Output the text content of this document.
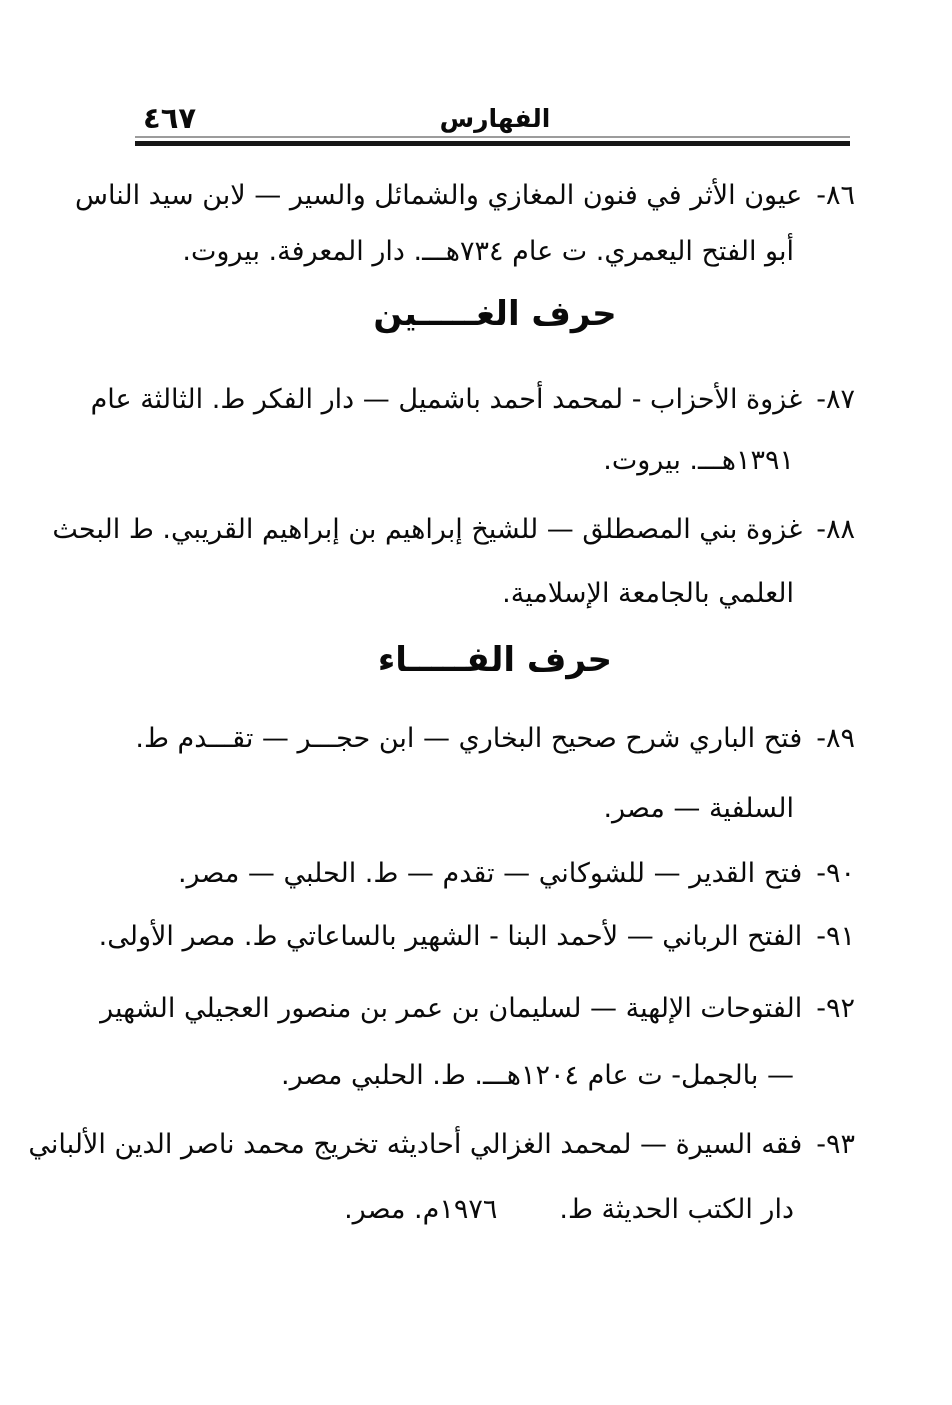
٤٦٧	الفهارس
٨٦-عيون الأثر في فنون المغازي والشمائل والسير — لابن سيد الناس
أبو الفتح اليعمري. ت عام ٧٣٤هـــ. دار المعرفة. بيروت.
حرف الغـــــين
٨٧-غزوة الأحزاب - لمحمد أحمد باشميل — دار الفكر ط. الثالثة عام
١٣٩١هـــ. بيروت.
٨٨-غزوة بني المصطلق — للشيخ إبراهيم بن إبراهيم القريبي. ط البحث
العلمي بالجامعة الإسلامية.
حرف الفـــــاء
٨٩-فتح الباري شرح صحيح البخاري — ابن حجـــر — تقـــدم ط.
السلفية — مصر.
٩٠-فتح القدير — للشوكاني — تقدم — ط. الحلبي — مصر.
٩١-الفتح الرباني — لأحمد البنا - الشهير بالساعاتي ط. مصر الأولى.
٩٢-الفتوحات الإلهية — لسليمان بن عمر بن منصور العجيلي الشهير
— بالجمل- ت عام ١٢٠٤هـــ. ط. الحلبي مصر.
٩٣-فقه السيرة — لمحمد الغزالي أحاديثه تخريج محمد ناصر الدين الألباني
دار الكتب الحديثة ط.١٩٧٦م. مصر.
